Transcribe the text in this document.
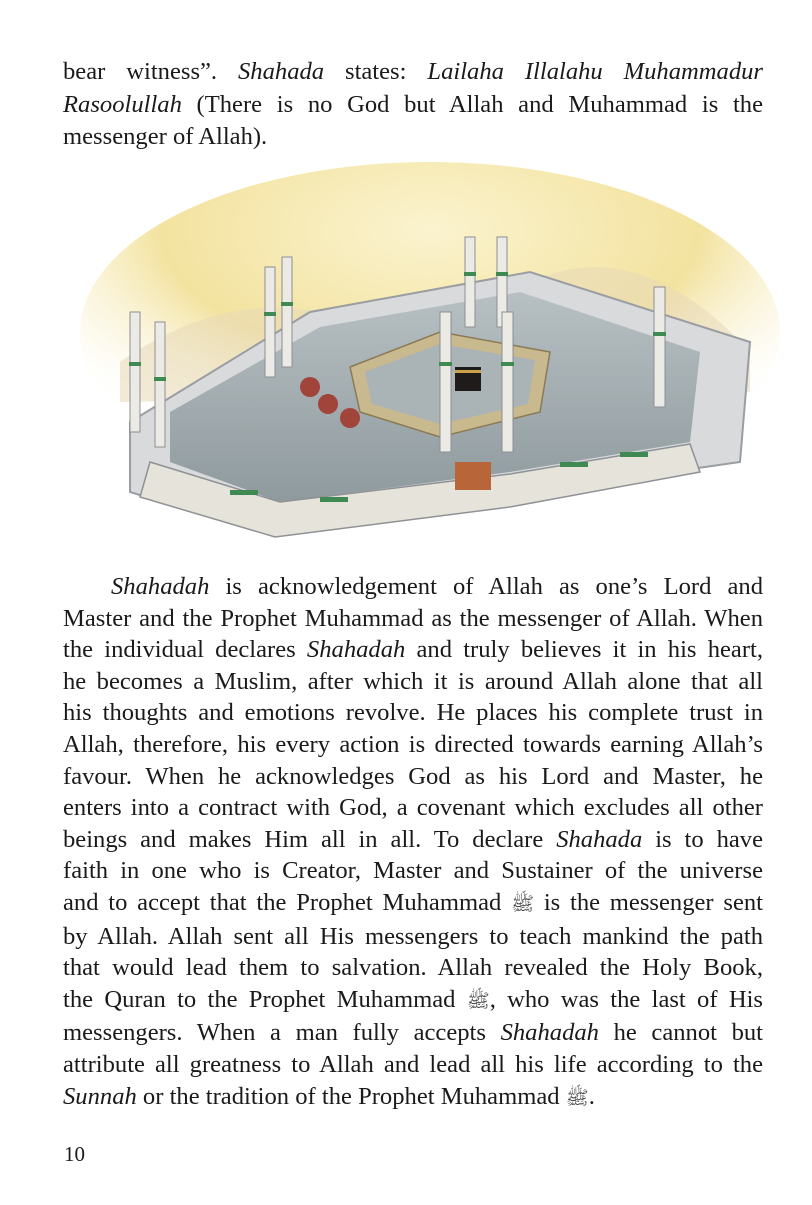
bear witness”. Shahada states: Lailaha Illalahu Muhammadur
Rasoolullah (There is no God but Allah and Muhammad is the
messenger of Allah).

Shahadah is acknowledgement of Allah as one’s Lord and
Master and the Prophet Muhammad as the messenger of Allah. When
the individual declares Shahadah and truly believes it in his heart,
he becomes a Muslim, after which it is around Allah alone that all
his thoughts and emotions revolve. He places his complete trust in
Allah, therefore, his every action is directed towards earning Allah’s
favour. When he acknowledges God as his Lord and Master, he
enters into a contract with God, a covenant which excludes all other
beings and makes Him all in all. To declare Shahada is to have
faith in one who is Creator, Master and Sustainer of the universe
and to accept that the Prophet Muhammad ﷺ is the messenger sent
by Allah. Allah sent all His messengers to teach mankind the path
that would lead them to salvation. Allah revealed the Holy Book,
the Quran to the Prophet Muhammad ﷺ, who was the last of His
messengers. When a man fully accepts Shahadah he cannot but
attribute all greatness to Allah and lead all his life according to the
Sunnah or the tradition of the Prophet Muhammad ﷺ.

10
